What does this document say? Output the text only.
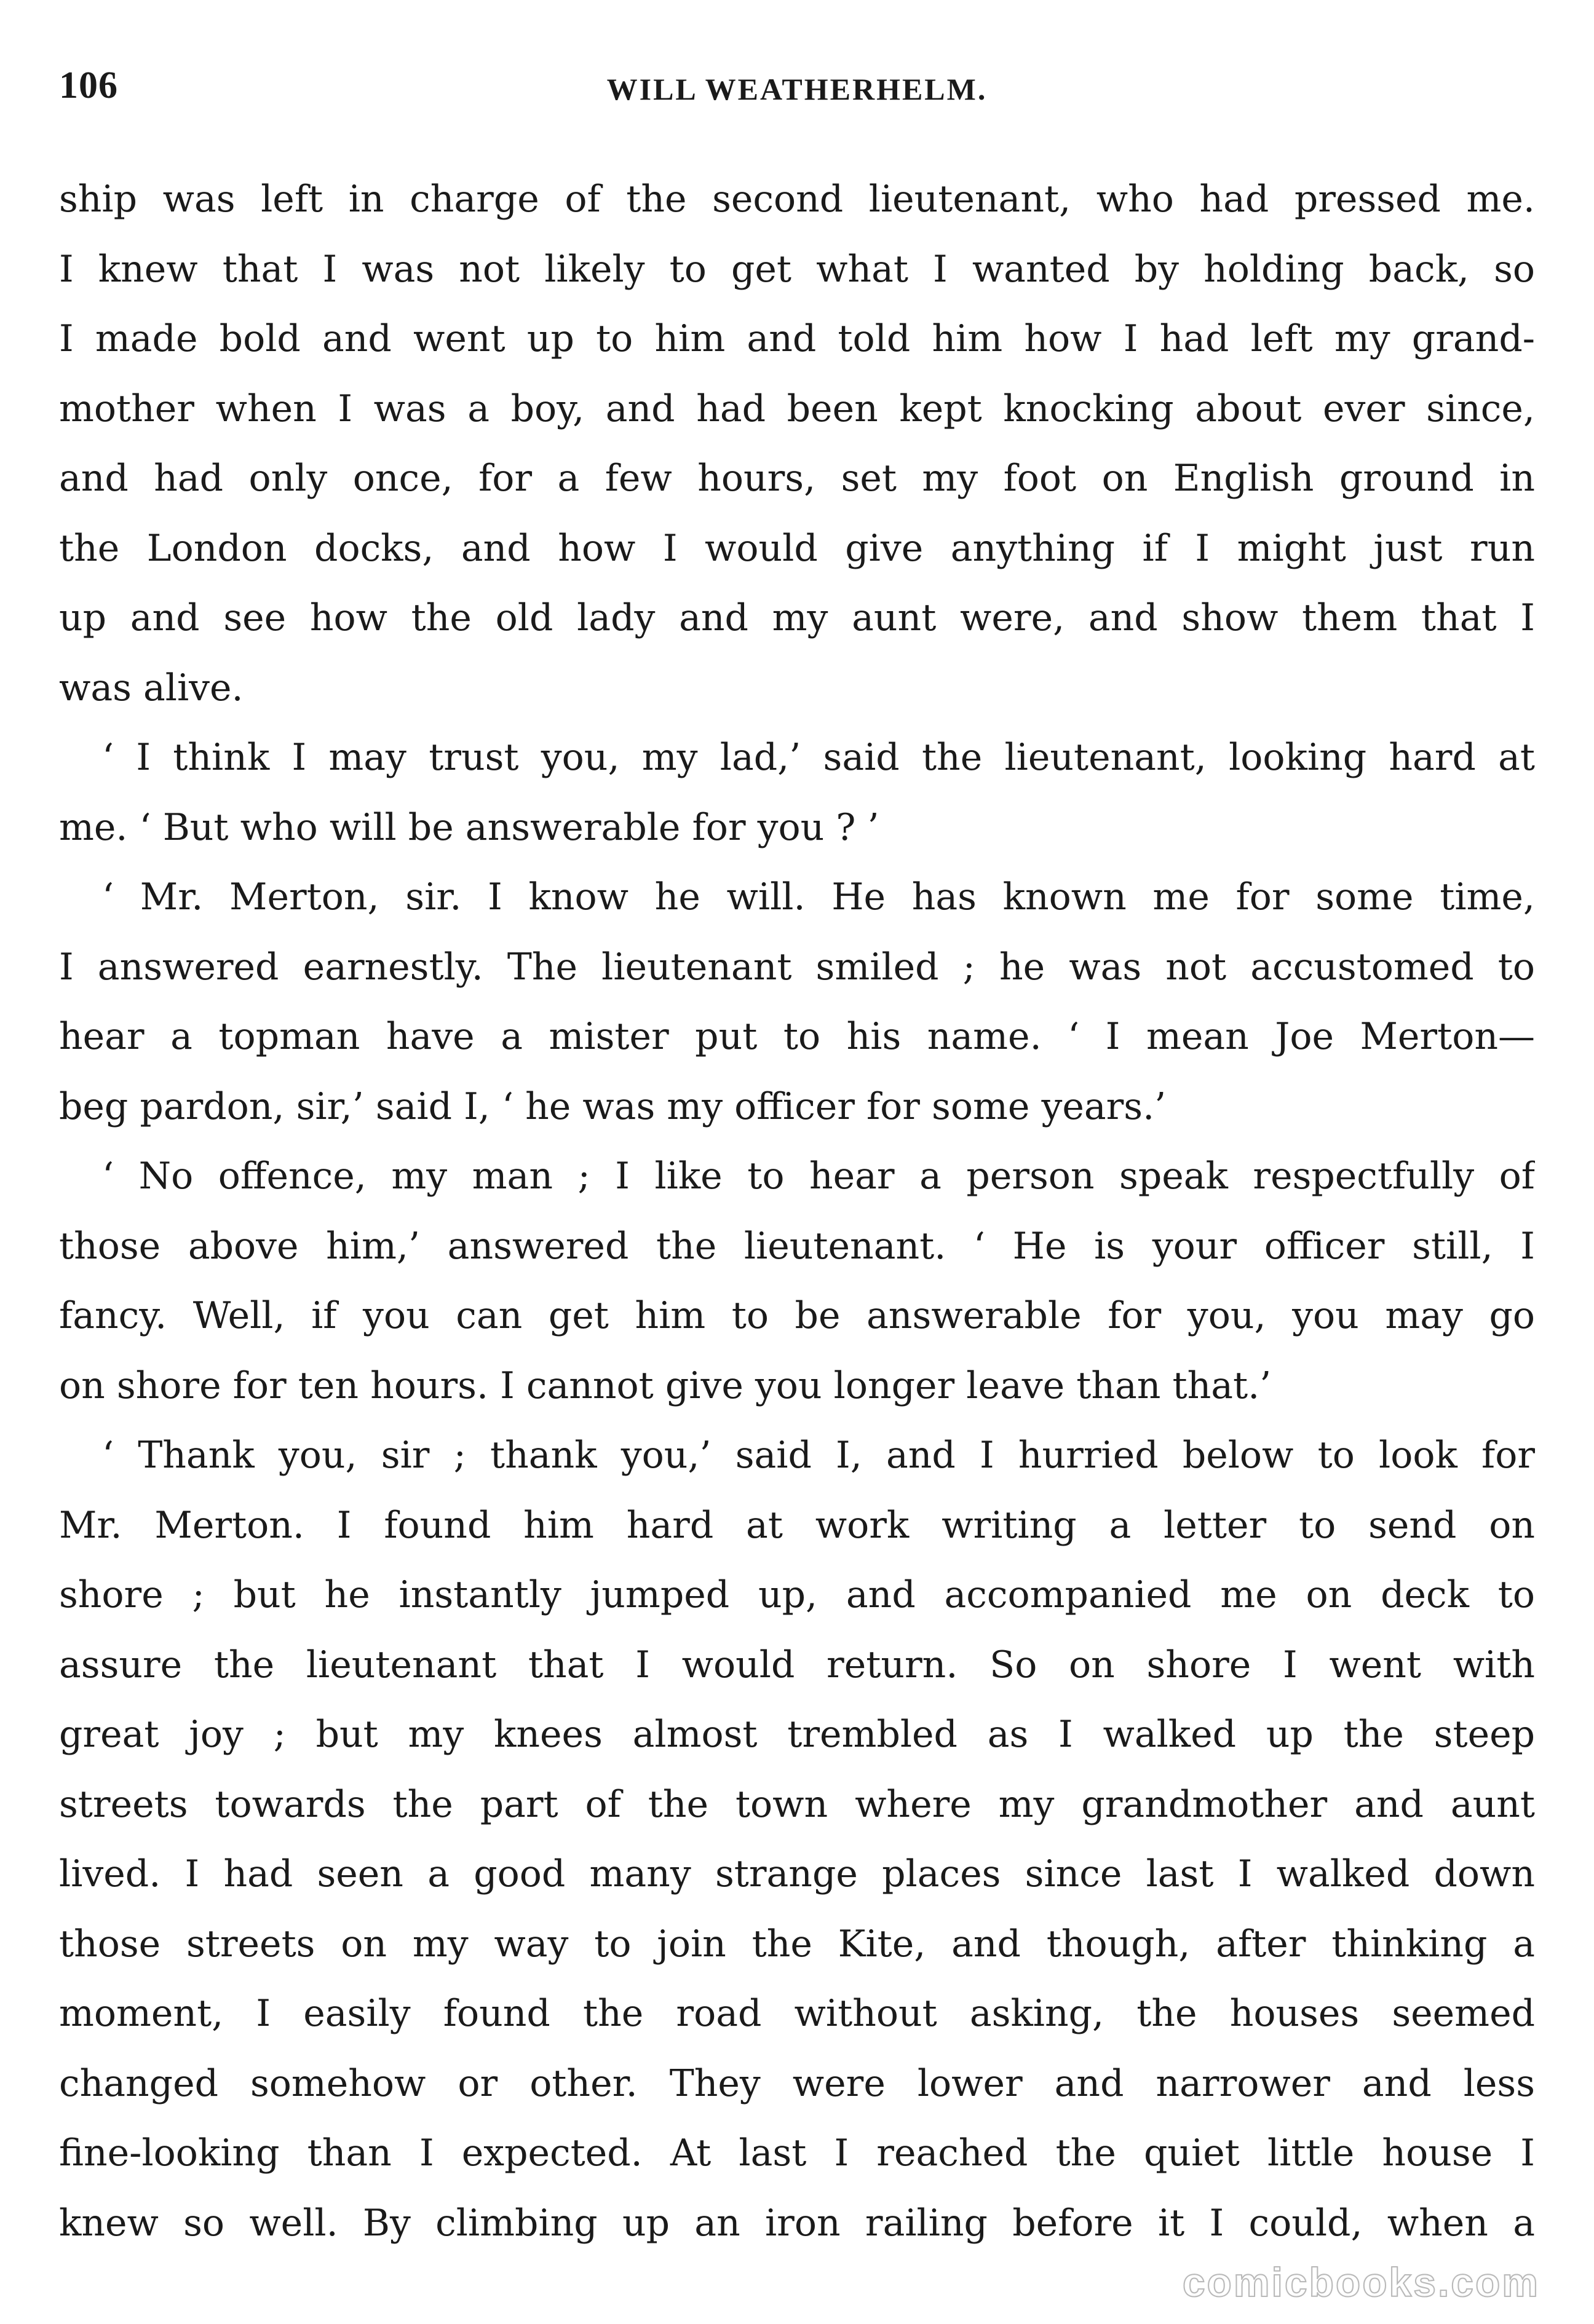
106	WILL WEATHERHELM.
ship was left in charge of the second lieutenant, who had pressed me.
I knew that I was not likely to get what I wanted by holding back, so
I made bold and went up to him and told him how I had left my grand-
mother when I was a boy, and had been kept knocking about ever since,
and had only once, for a few hours, set my foot on English ground in
the London docks, and how I would give anything if I might just run
up and see how the old lady and my aunt were, and show them that I
was alive.
‘ I think I may trust you, my lad,’ said the lieutenant, looking hard at
me. ‘ But who will be answerable for you ? ’
‘ Mr. Merton, sir. I know he will. He has known me for some time,
I answered earnestly. The lieutenant smiled ; he was not accustomed to
hear a topman have a mister put to his name. ‘ I mean Joe Merton—
beg pardon, sir,’ said I, ‘ he was my officer for some years.’
‘ No offence, my man ; I like to hear a person speak respectfully of
those above him,’ answered the lieutenant. ‘ He is your officer still, I
fancy. Well, if you can get him to be answerable for you, you may go
on shore for ten hours. I cannot give you longer leave than that.’
‘ Thank you, sir ; thank you,’ said I, and I hurried below to look for
Mr. Merton. I found him hard at work writing a letter to send on
shore ; but he instantly jumped up, and accompanied me on deck to
assure the lieutenant that I would return. So on shore I went with
great joy ; but my knees almost trembled as I walked up the steep
streets towards the part of the town where my grandmother and aunt
lived. I had seen a good many strange places since last I walked down
those streets on my way to join the Kite, and though, after thinking a
moment, I easily found the road without asking, the houses seemed
changed somehow or other. They were lower and narrower and less
fine-looking than I expected. At last I reached the quiet little house I
knew so well. By climbing up an iron railing before it I could, when a
comicbooks.com
